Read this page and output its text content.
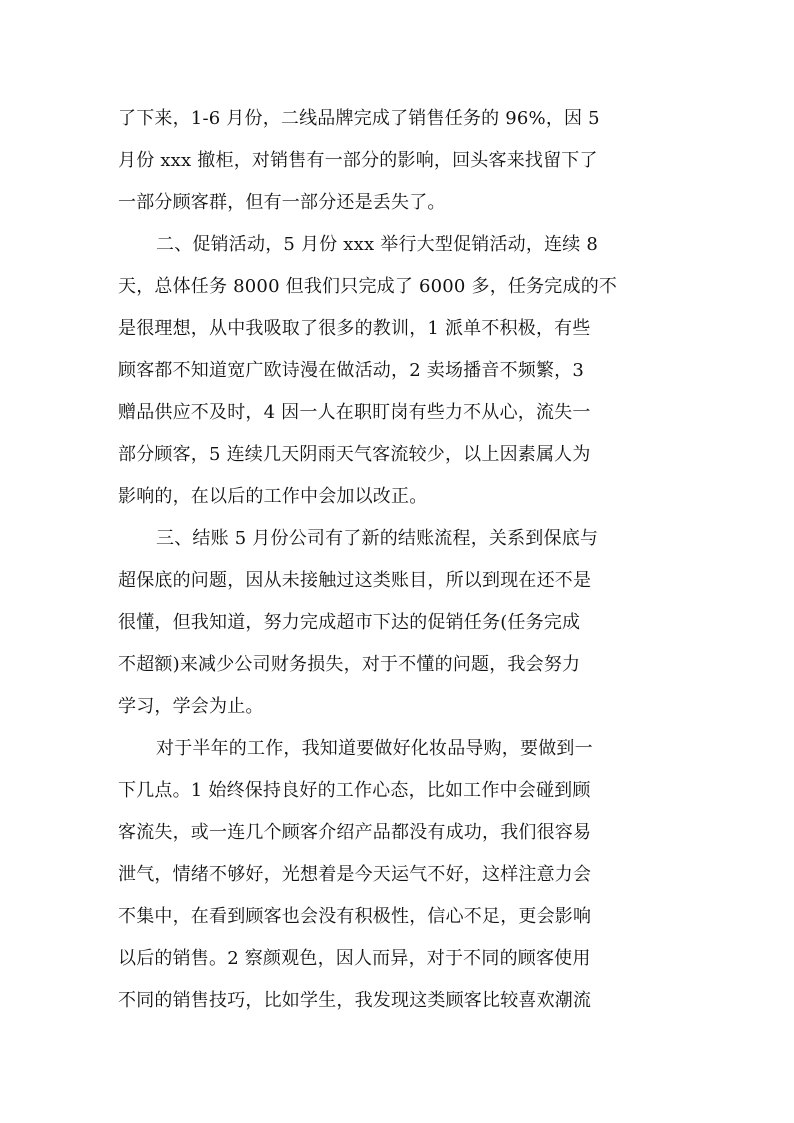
了下来，1-6 月份，二线品牌完成了销售任务的 96%，因 5
月份 xxx 撤柜，对销售有一部分的影响，回头客来找留下了
一部分顾客群，但有一部分还是丢失了。
二、促销活动，5 月份 xxx 举行大型促销活动，连续 8
天，总体任务 8000 但我们只完成了 6000 多，任务完成的不
是很理想，从中我吸取了很多的教训，1 派单不积极，有些
顾客都不知道宽广欧诗漫在做活动，2 卖场播音不频繁，3
赠品供应不及时，4 因一人在职盯岗有些力不从心，流失一
部分顾客，5 连续几天阴雨天气客流较少，以上因素属人为
影响的，在以后的工作中会加以改正。
三、结账 5 月份公司有了新的结账流程，关系到保底与
超保底的问题，因从未接触过这类账目，所以到现在还不是
很懂，但我知道，努力完成超市下达的促销任务(任务完成
不超额)来减少公司财务损失，对于不懂的问题，我会努力
学习，学会为止。
对于半年的工作，我知道要做好化妆品导购，要做到一
下几点。1 始终保持良好的工作心态，比如工作中会碰到顾
客流失，或一连几个顾客介绍产品都没有成功，我们很容易
泄气，情绪不够好，光想着是今天运气不好，这样注意力会
不集中，在看到顾客也会没有积极性，信心不足，更会影响
以后的销售。2 察颜观色，因人而异，对于不同的顾客使用
不同的销售技巧，比如学生，我发现这类顾客比较喜欢潮流
